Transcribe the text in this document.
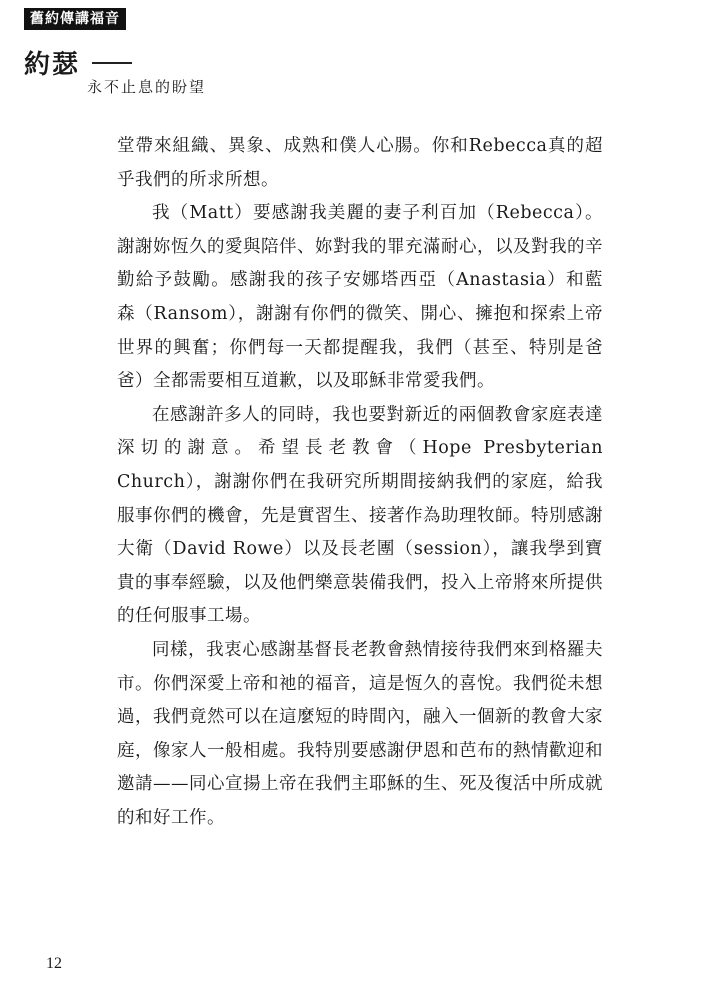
舊約傳講福音
約瑟
永不止息的盼望

堂帶來組織、異象、成熟和僕人心腸。你和Rebecca真的超乎我們的所求所想。

我（Matt）要感謝我美麗的妻子利百加（Rebecca）。謝謝妳恆久的愛與陪伴、妳對我的罪充滿耐心，以及對我的辛勤給予鼓勵。感謝我的孩子安娜塔西亞（Anastasia）和藍森（Ransom），謝謝有你們的微笑、開心、擁抱和探索上帝世界的興奮；你們每一天都提醒我，我們（甚至、特別是爸爸）全都需要相互道歉，以及耶穌非常愛我們。

在感謝許多人的同時，我也要對新近的兩個教會家庭表達深切的謝意。希望長老教會（Hope Presbyterian Church），謝謝你們在我研究所期間接納我們的家庭，給我服事你們的機會，先是實習生、接著作為助理牧師。特別感謝大衛（David Rowe）以及長老團（session），讓我學到寶貴的事奉經驗，以及他們樂意裝備我們，投入上帝將來所提供的任何服事工場。

同樣，我衷心感謝基督長老教會熱情接待我們來到格羅夫市。你們深愛上帝和祂的福音，這是恆久的喜悅。我們從未想過，我們竟然可以在這麼短的時間內，融入一個新的教會大家庭，像家人一般相處。我特別要感謝伊恩和芭布的熱情歡迎和邀請——同心宣揚上帝在我們主耶穌的生、死及復活中所成就的和好工作。

12
